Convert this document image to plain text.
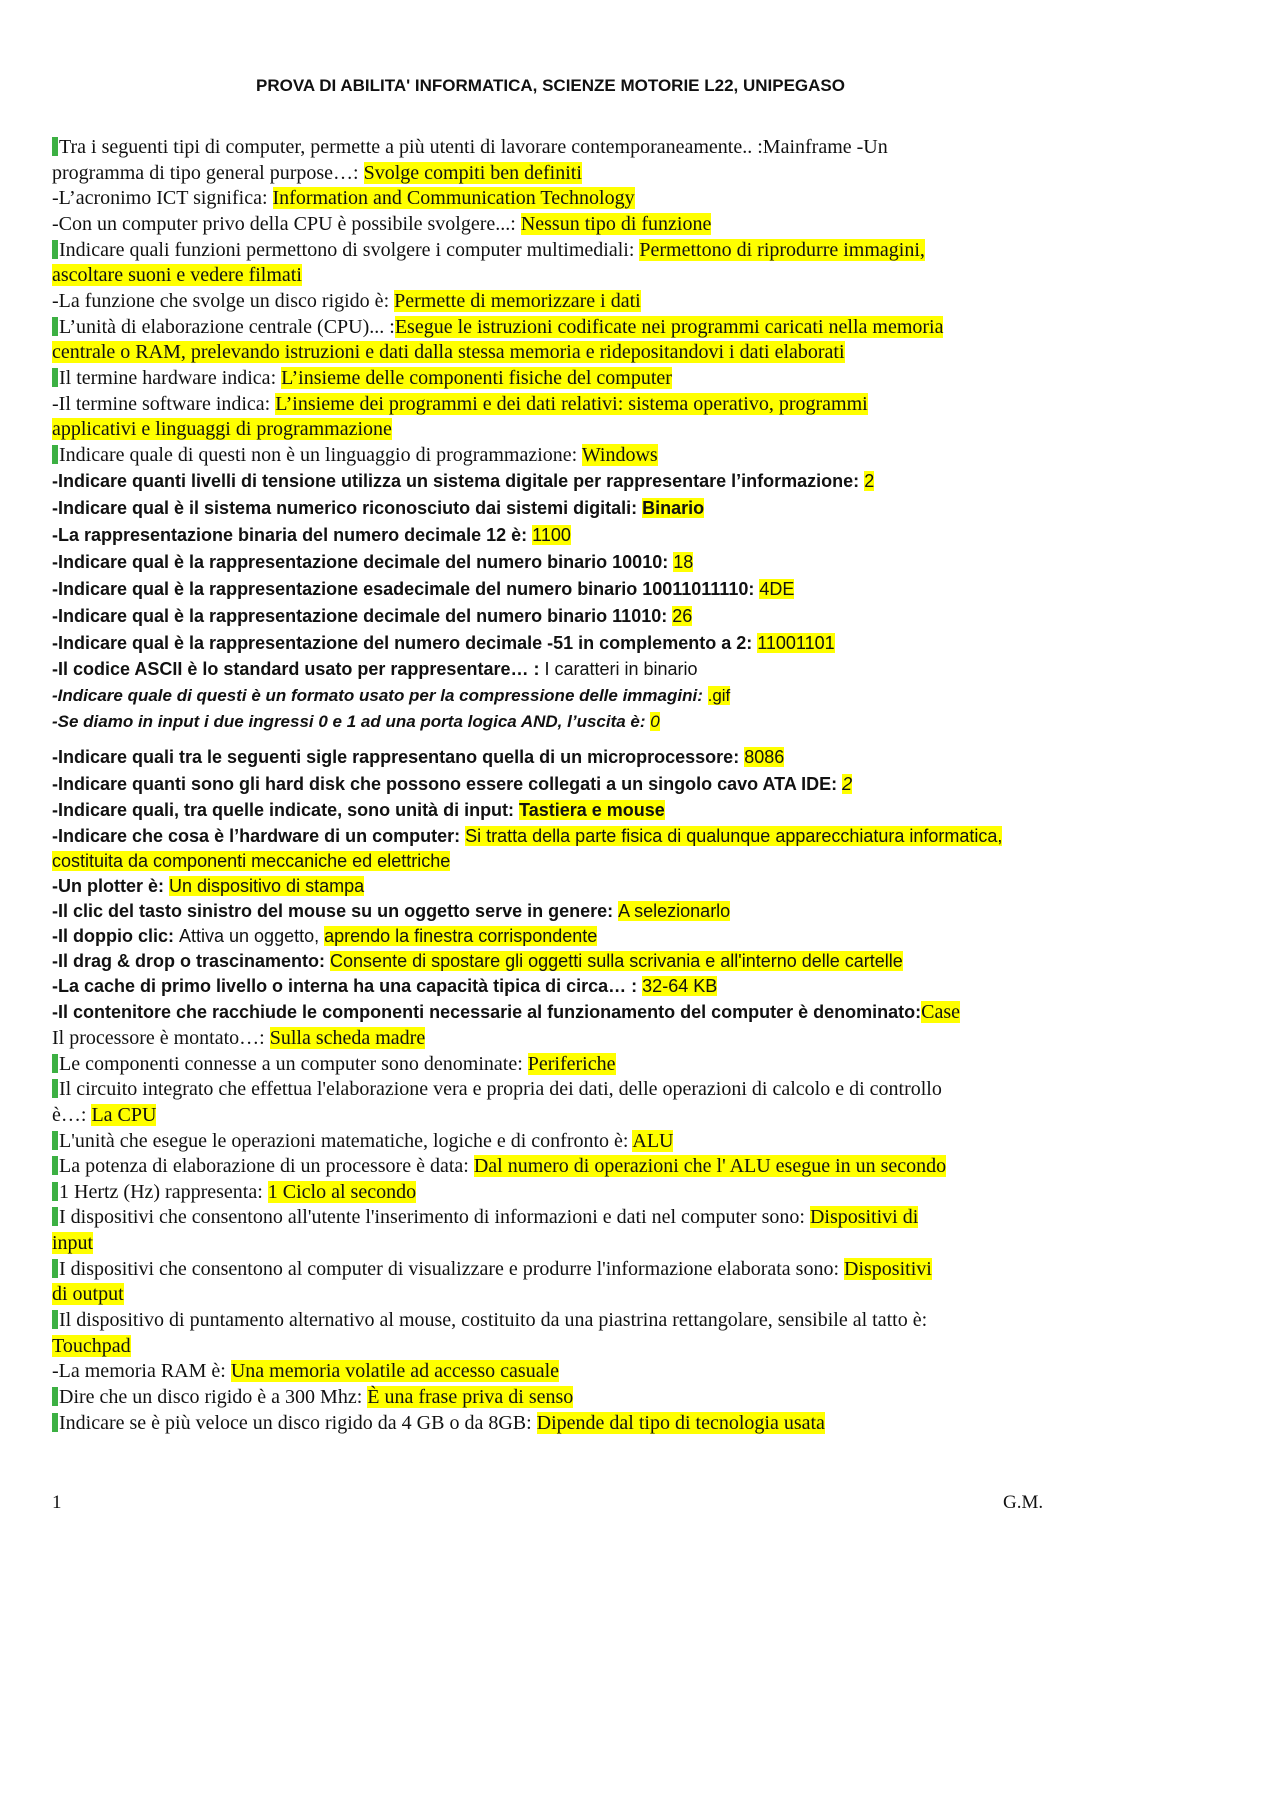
PROVA DI ABILITA' INFORMATICA, SCIENZE MOTORIE L22, UNIPEGASO
Tra i seguenti tipi di computer, permette a più utenti di lavorare contemporaneamente.. :Mainframe -Un
programma di tipo general purpose…: Svolge compiti ben definiti
-L’acronimo ICT significa: Information and Communication Technology
-Con un computer privo della CPU è possibile svolgere...: Nessun tipo di funzione
Indicare quali funzioni permettono di svolgere i computer multimediali: Permettono di riprodurre immagini,
ascoltare suoni e vedere filmati
-La funzione che svolge un disco rigido è: Permette di memorizzare i dati
L’unità di elaborazione centrale (CPU)... :Esegue le istruzioni codificate nei programmi caricati nella memoria
centrale o RAM, prelevando istruzioni e dati dalla stessa memoria e ridepositandovi i dati elaborati
Il termine hardware indica: L’insieme delle componenti fisiche del computer
-Il termine software indica: L’insieme dei programmi e dei dati relativi: sistema operativo, programmi
applicativi e linguaggi di programmazione
Indicare quale di questi non è un linguaggio di programmazione: Windows
-Indicare quanti livelli di tensione utilizza un sistema digitale per rappresentare l’informazione: 2
-Indicare qual è il sistema numerico riconosciuto dai sistemi digitali: Binario
-La rappresentazione binaria del numero decimale 12 è: 1100
-Indicare qual è la rappresentazione decimale del numero binario 10010: 18
-Indicare qual è la rappresentazione esadecimale del numero binario 10011011110: 4DE
-Indicare qual è la rappresentazione decimale del numero binario 11010: 26
-Indicare qual è la rappresentazione del numero decimale -51 in complemento a 2: 11001101
-Il codice ASCII è lo standard usato per rappresentare… : I caratteri in binario
-Indicare quale di questi è un formato usato per la compressione delle immagini: .gif
-Se diamo in input i due ingressi 0 e 1 ad una porta logica AND, l’uscita è: 0
-Indicare quali tra le seguenti sigle rappresentano quella di un microprocessore: 8086
-Indicare quanti sono gli hard disk che possono essere collegati a un singolo cavo ATA IDE: 2
-Indicare quali, tra quelle indicate, sono unità di input: Tastiera e mouse
-Indicare che cosa è l’hardware di un computer: Si tratta della parte fisica di qualunque apparecchiatura informatica,
costituita da componenti meccaniche ed elettriche
-Un plotter è: Un dispositivo di stampa
-Il clic del tasto sinistro del mouse su un oggetto serve in genere: A selezionarlo
-Il doppio clic: Attiva un oggetto, aprendo la finestra corrispondente
-Il drag & drop o trascinamento: Consente di spostare gli oggetti sulla scrivania e all'interno delle cartelle
-La cache di primo livello o interna ha una capacità tipica di circa… : 32-64 KB
-Il contenitore che racchiude le componenti necessarie al funzionamento del computer è denominato:Case
Il processore è montato…: Sulla scheda madre
Le componenti connesse a un computer sono denominate: Periferiche
Il circuito integrato che effettua l'elaborazione vera e propria dei dati, delle operazioni di calcolo e di controllo
è…: La CPU
L'unità che esegue le operazioni matematiche, logiche e di confronto è: ALU
La potenza di elaborazione di un processore è data: Dal numero di operazioni che l' ALU esegue in un secondo
1 Hertz (Hz) rappresenta: 1 Ciclo al secondo
I dispositivi che consentono all'utente l'inserimento di informazioni e dati nel computer sono: Dispositivi di
input
I dispositivi che consentono al computer di visualizzare e produrre l'informazione elaborata sono: Dispositivi
di output
Il dispositivo di puntamento alternativo al mouse, costituito da una piastrina rettangolare, sensibile al tatto è:
Touchpad
-La memoria RAM è: Una memoria volatile ad accesso casuale
Dire che un disco rigido è a 300 Mhz: È una frase priva di senso
Indicare se è più veloce un disco rigido da 4 GB o da 8GB: Dipende dal tipo di tecnologia usata
1	G.M.
